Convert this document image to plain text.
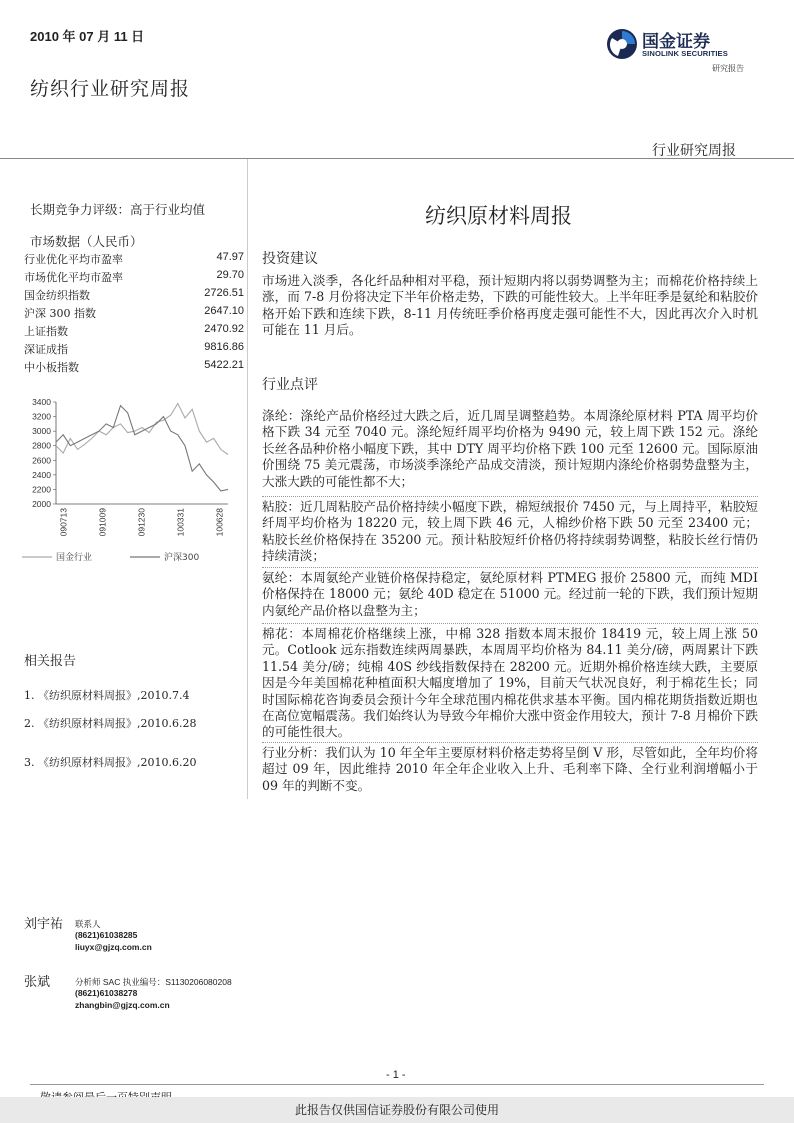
2010 年 07 月 11 日
纺织行业研究周报
国金证券
SINOLINK SECURITIES
研究报告
行业研究周报
长期竞争力评级：高于行业均值
市场数据（人民币）
行业优化平均市盈率	47.97
市场优化平均市盈率	29.70
国金纺织指数	2726.51
沪深 300 指数	2647.10
上证指数	2470.92
深证成指	9816.86
中小板指数	5422.21
3400
3200
3000
2800
2600
2400
2200
2000
090713	091009	091230	100331	100628
国金行业	沪深300
相关报告
1. 《纺织原材料周报》,2010.7.4
2. 《纺织原材料周报》,2010.6.28
3. 《纺织原材料周报》,2010.6.20
纺织原材料周报
投资建议
市场进入淡季，各化纤品种相对平稳，预计短期内将以弱势调整为主；而棉花价格持续上涨，而 7-8 月份将决定下半年价格走势，下跌的可能性较大。上半年旺季是氨纶和粘胶价格开始下跌和连续下跌，8-11 月传统旺季价格再度走强可能性不大，因此再次介入时机可能在 11 月后。
行业点评
涤纶：涤纶产品价格经过大跌之后，近几周呈调整趋势。本周涤纶原材料 PTA 周平均价格下跌 34 元至 7040 元。涤纶短纤周平均价格为 9490 元，较上周下跌 152 元。涤纶长丝各品种价格小幅度下跌，其中 DTY 周平均价格下跌 100 元至 12600 元。国际原油价围绕 75 美元震荡，市场淡季涤纶产品成交清淡，预计短期内涤纶价格弱势盘整为主，大涨大跌的可能性都不大；
粘胶：近几周粘胶产品价格持续小幅度下跌，棉短绒报价 7450 元，与上周持平，粘胶短纤周平均价格为 18220 元，较上周下跌 46 元，人棉纱价格下跌 50 元至 23400 元；粘胶长丝价格保持在 35200 元。预计粘胶短纤价格仍将持续弱势调整，粘胶长丝行情仍持续清淡；
氨纶：本周氨纶产业链价格保持稳定，氨纶原材料 PTMEG 报价 25800 元，而纯 MDI 价格保持在 18000 元；氨纶 40D 稳定在 51000 元。经过前一轮的下跌，我们预计短期内氨纶产品价格以盘整为主；
棉花：本周棉花价格继续上涨，中棉 328 指数本周末报价 18419 元，较上周上涨 50 元。Cotlook 远东指数连续两周暴跌，本周周平均价格为 84.11 美分/磅，两周累计下跌 11.54 美分/磅；纯棉 40S 纱线指数保持在 28200 元。近期外棉价格连续大跌，主要原因是今年美国棉花种植面积大幅度增加了 19%，目前天气状况良好，利于棉花生长；同时国际棉花咨询委员会预计今年全球范围内棉花供求基本平衡。国内棉花期货指数近期也在高位宽幅震荡。我们始终认为导致今年棉价大涨中资金作用较大，预计 7-8 月棉价下跌的可能性很大。
行业分析：我们认为 10 年全年主要原材料价格走势将呈倒 V 形，尽管如此，全年均价将超过 09 年，因此维持 2010 年全年企业收入上升、毛利率下降、全行业利润增幅小于 09 年的判断不变。
刘宇祐 联系人
(8621)61038285
liuyx@gjzq.com.cn
张斌	分析师 SAC 执业编号：S1130206080208
(8621)61038278
zhangbin@gjzq.com.cn
- 1 -
此报告仅供国信证券股份有限公司使用
